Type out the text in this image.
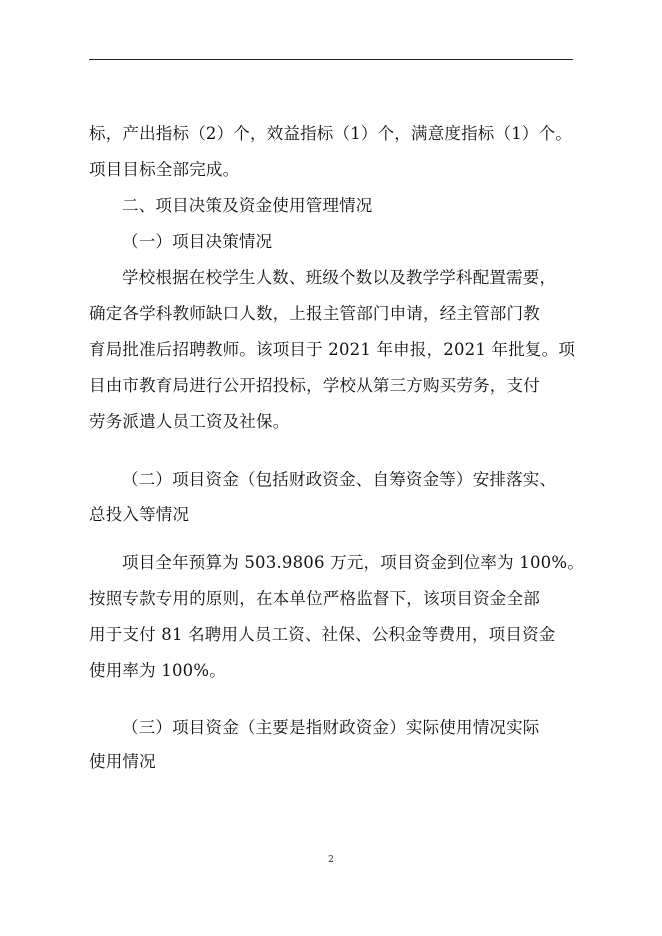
标，产出指标（2）个，效益指标（1）个，满意度指标（1）个。
项目目标全部完成。
二、项目决策及资金使用管理情况
（一）项目决策情况
学校根据在校学生人数、班级个数以及教学学科配置需要，
确定各学科教师缺口人数，上报主管部门申请，经主管部门教
育局批准后招聘教师。该项目于 2021 年申报，2021 年批复。项
目由市教育局进行公开招投标，学校从第三方购买劳务，支付
劳务派遣人员工资及社保。
（二）项目资金（包括财政资金、自筹资金等）安排落实、
总投入等情况
项目全年预算为 503.9806 万元，项目资金到位率为 100%。
按照专款专用的原则，在本单位严格监督下，该项目资金全部
用于支付 81 名聘用人员工资、社保、公积金等费用，项目资金
使用率为 100%。
（三）项目资金（主要是指财政资金）实际使用情况实际
使用情况
2
